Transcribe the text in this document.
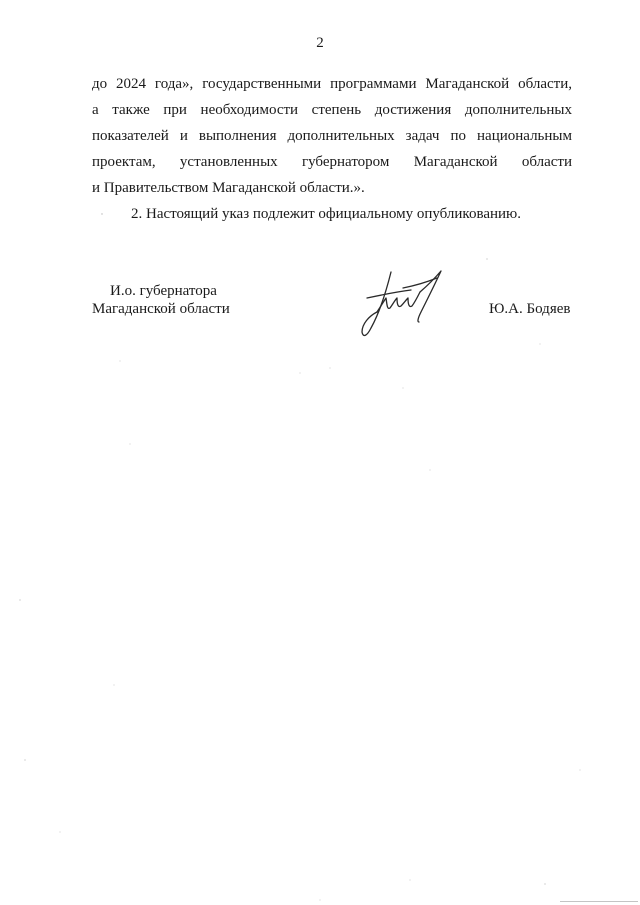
2
до 2024 года», государственными программами Магаданской области,
а также при необходимости степень достижения дополнительных
показателей и выполнения дополнительных задач по национальным
проектам, установленных губернатором Магаданской области
и Правительством Магаданской области.».
2. Настоящий указ подлежит официальному опубликованию.
И.о. губернатора
Магаданской области	Ю.А. Бодяев
